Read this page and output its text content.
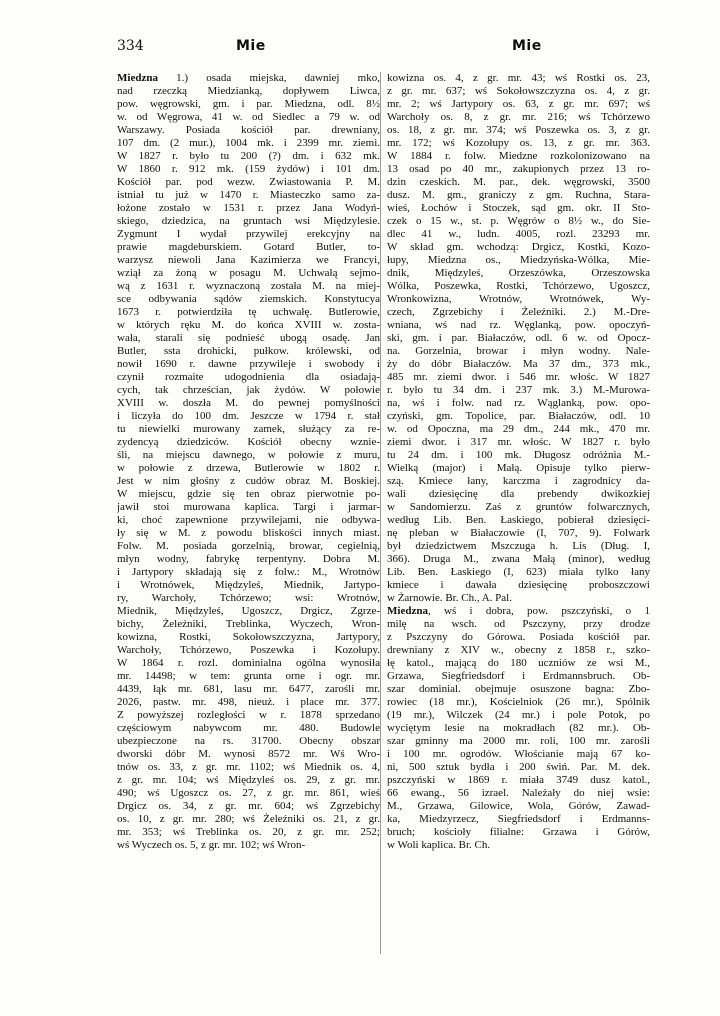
334	Mie	Mie
Miedzna 1.) osada miejska, dawniej mko,
nad rzeczką Miedzianką, dopływem Liwca,
pow. węgrowski, gm. i par. Miedzna, odl. 8½
w. od Węgrowa, 41 w. od Siedlec a 79 w. od
Warszawy. Posiada kościół par. drewniany,
107 dm. (2 mur.), 1004 mk. i 2399 mr. ziemi.
W 1827 r. było tu 200 (?) dm. i 632 mk.
W 1860 r. 912 mk. (159 żydów) i 101 dm.
Kościół par. pod wezw. Zwiastowania P. M.
istniał tu już w 1470 r. Miasteczko samo za-
łożone zostało w 1531 r. przez Jana Wodyń-
skiego, dziedzica, na gruntach wsi Międzylesie.
Zygmunt I wydał przywilej erekcyjny na
prawie magdeburskiem. Gotard Butler, to-
warzysz niewoli Jana Kazimierza we Francyi,
wziął za żoną w posagu M. Uchwałą sejmo-
wą z 1631 r. wyznaczoną została M. na miej-
sce odbywania sądów ziemskich. Konstytucya
1673 r. potwierdziła tę uchwałę. Butlerowie,
w których ręku M. do końca XVIII w. zosta-
wała, starali się podnieść ubogą osadę. Jan
Butler, ssta drohicki, pułkow. królewski, od
nowił 1690 r. dawne przywileje i swobody i
czynił rozmaite udogodnienia dla osiadają-
cych, tak chrześcian, jak żydów. W połowie
XVIII w. doszła M. do pewnej pomyślności
i liczyła do 100 dm. Jeszcze w 1794 r. stał
tu niewielki murowany zamek, służący za re-
zydencyą dziedziców. Kościół obecny wznie-
śli, na miejscu dawnego, w połowie z muru,
w połowie z drzewa, Butlerowie w 1802 r.
Jest w nim głośny z cudów obraz M. Boskiej.
W miejscu, gdzie się ten obraz pierwotnie po-
jawił stoi murowana kaplica. Targi i jarmar-
ki, choć zapewnione przywilejami, nie odbywa-
ły się w M. z powodu bliskości innych miast.
Folw. M. posiada gorzelnią, browar, cegielnią,
młyn wodny, fabrykę terpentyny. Dobra M.
i Jartypory składają się z folw.: M., Wrotnów
i Wrotnówek, Międzyleś, Miednik, Jartypo-
ry, Warchoły, Tchórzewo; wsi: Wrotnów,
Miednik, Międzyleś, Ugoszcz, Drgicz, Zgrze-
bichy, Żeleźniki, Treblinka, Wyczech, Wron-
kowizna, Rostki, Sokołowszczyzna, Jartypory,
Warchoły, Tchórzewo, Poszewka i Kozołupy.
W 1864 r. rozl. dominialna ogólna wynosiła
mr. 14498; w tem: grunta orne i ogr. mr.
4439, łąk mr. 681, lasu mr. 6477, zarośli mr.
2026, pastw. mr. 498, nieuż. i place mr. 377.
Z powyższej rozległości w r. 1878 sprzedano
częściowym nabywcom mr. 480. Budowle
ubezpieczone na rs. 31700. Obecny obszar
dworski dóbr M. wynosi 8572 mr. Wś Wro-
tnów os. 33, z gr. mr. 1102; wś Miednik os. 4,
z gr. mr. 104; wś Międzyleś os. 29, z gr. mr.
490; wś Ugoszcz os. 27, z gr. mr. 861, wieś
Drgicz os. 34, z gr. mr. 604; wś Zgrzebichy
os. 10, z gr. mr. 280; wś Żeleźniki os. 21, z gr.
mr. 353; wś Treblinka os. 20, z gr. mr. 252;
wś Wyczech os. 5, z gr. mr. 102; wś Wron-
kowizna os. 4, z gr. mr. 43; wś Rostki os. 23,
z gr. mr. 637; wś Sokołowszczyzna os. 4, z gr.
mr. 2; wś Jartypory os. 63, z gr. mr. 697; wś
Warchoły os. 8, z gr. mr. 216; wś Tchórzewo
os. 18, z gr. mr. 374; wś Poszewka os. 3, z gr.
mr. 172; wś Kozołupy os. 13, z gr. mr. 363.
W 1884 r. folw. Miedzne rozkolonizowano na
13 osad po 40 mr., zakupionych przez 13 ro-
dzin czeskich. M. par., dek. węgrowski, 3500
dusz. M. gm., graniczy z gm. Ruchna, Stara-
wieś, Łochów i Stoczek, sąd gm. okr. II Sto-
czek o 15 w., st. p. Węgrów o 8½ w., do Sie-
dlec 41 w., ludn. 4005, rozl. 23293 mr.
W skład gm. wchodzą: Drgicz, Kostki, Kozo-
łupy, Miedzna os., Miedzyńska-Wólka, Mie-
dnik, Międzyleś, Orzeszówka, Orzeszowska
Wólka, Poszewka, Rostki, Tchórzewo, Ugoszcz,
Wronkowizna, Wrotnów, Wrotnówek, Wy-
czech, Zgrzebichy i Żeleźniki. 2.) M.-Dre-
wniana, wś nad rz. Węglanką, pow. opoczyń-
ski, gm. i par. Białaczów, odl. 6 w. od Opocz-
na. Gorzelnia, browar i młyn wodny. Nale-
ży do dóbr Białaczów. Ma 37 dm., 373 mk.,
485 mr. ziemi dwor. i 546 mr. włośc. W 1827
r. było tu 34 dm. i 237 mk. 3.) M.-Murowa-
na, wś i folw. nad rz. Wąglanką, pow. opo-
czyński, gm. Topolice, par. Białaczów, odl. 10
w. od Opoczna, ma 29 dm., 244 mk., 470 mr.
ziemi dwor. i 317 mr. włośc. W 1827 r. było
tu 24 dm. i 100 mk. Długosz odróżnia M.-
Wielką (major) i Małą. Opisuje tylko pierw-
szą. Kmiece łany, karczma i zagrodnicy da-
wali dziesięcinę dla prebendy dwikozkiej
w Sandomierzu. Zaś z gruntów folwarcznych,
według Lib. Ben. Łaskiego, pobierał dziesięci-
nę pleban w Białaczowie (I, 707, 9). Folwark
był dziedzictwem Mszczuga h. Lis (Dług. I,
366). Druga M., zwana Małą (minor), według
Lib. Ben. Łaskiego (I, 623) miała tylko łany
kmiece i dawała dziesięcinę proboszczowi
w Żarnowie. Br. Ch., A. Pal.
Miedzna, wś i dobra, pow. pszczyński, o 1
milę na wsch. od Pszczyny, przy drodze
z Pszczyny do Górowa. Posiada kościół par.
drewniany z XIV w., obecny z 1858 r., szko-
łę katol., mającą do 180 uczniów ze wsi M.,
Grzawa, Siegfriedsdorf i Erdmannsbruch. Ob-
szar dominial. obejmuje osuszone bagna: Zbo-
rowiec (18 mr.), Kościelniok (26 mr.), Spólnik
(19 mr.), Wilczek (24 mr.) i pole Potok, po
wyciętym lesie na mokradłach (82 mr.). Ob-
szar gminny ma 2000 mr. roli, 100 mr. zarośli
i 100 mr. ogrodów. Włościanie mają 67 ko-
ni, 500 sztuk bydła i 200 świń. Par. M. dek.
pszczyński w 1869 r. miała 3749 dusz katol.,
66 ewang., 56 izrael. Należały do niej wsie:
M., Grzawa, Gilowice, Wola, Górów, Zawad-
ka, Miedzyrzecz, Siegfriedsdorf i Erdmanns-
bruch; kościoły filialne: Grzawa i Górów,
w Woli kaplica. Br. Ch.
